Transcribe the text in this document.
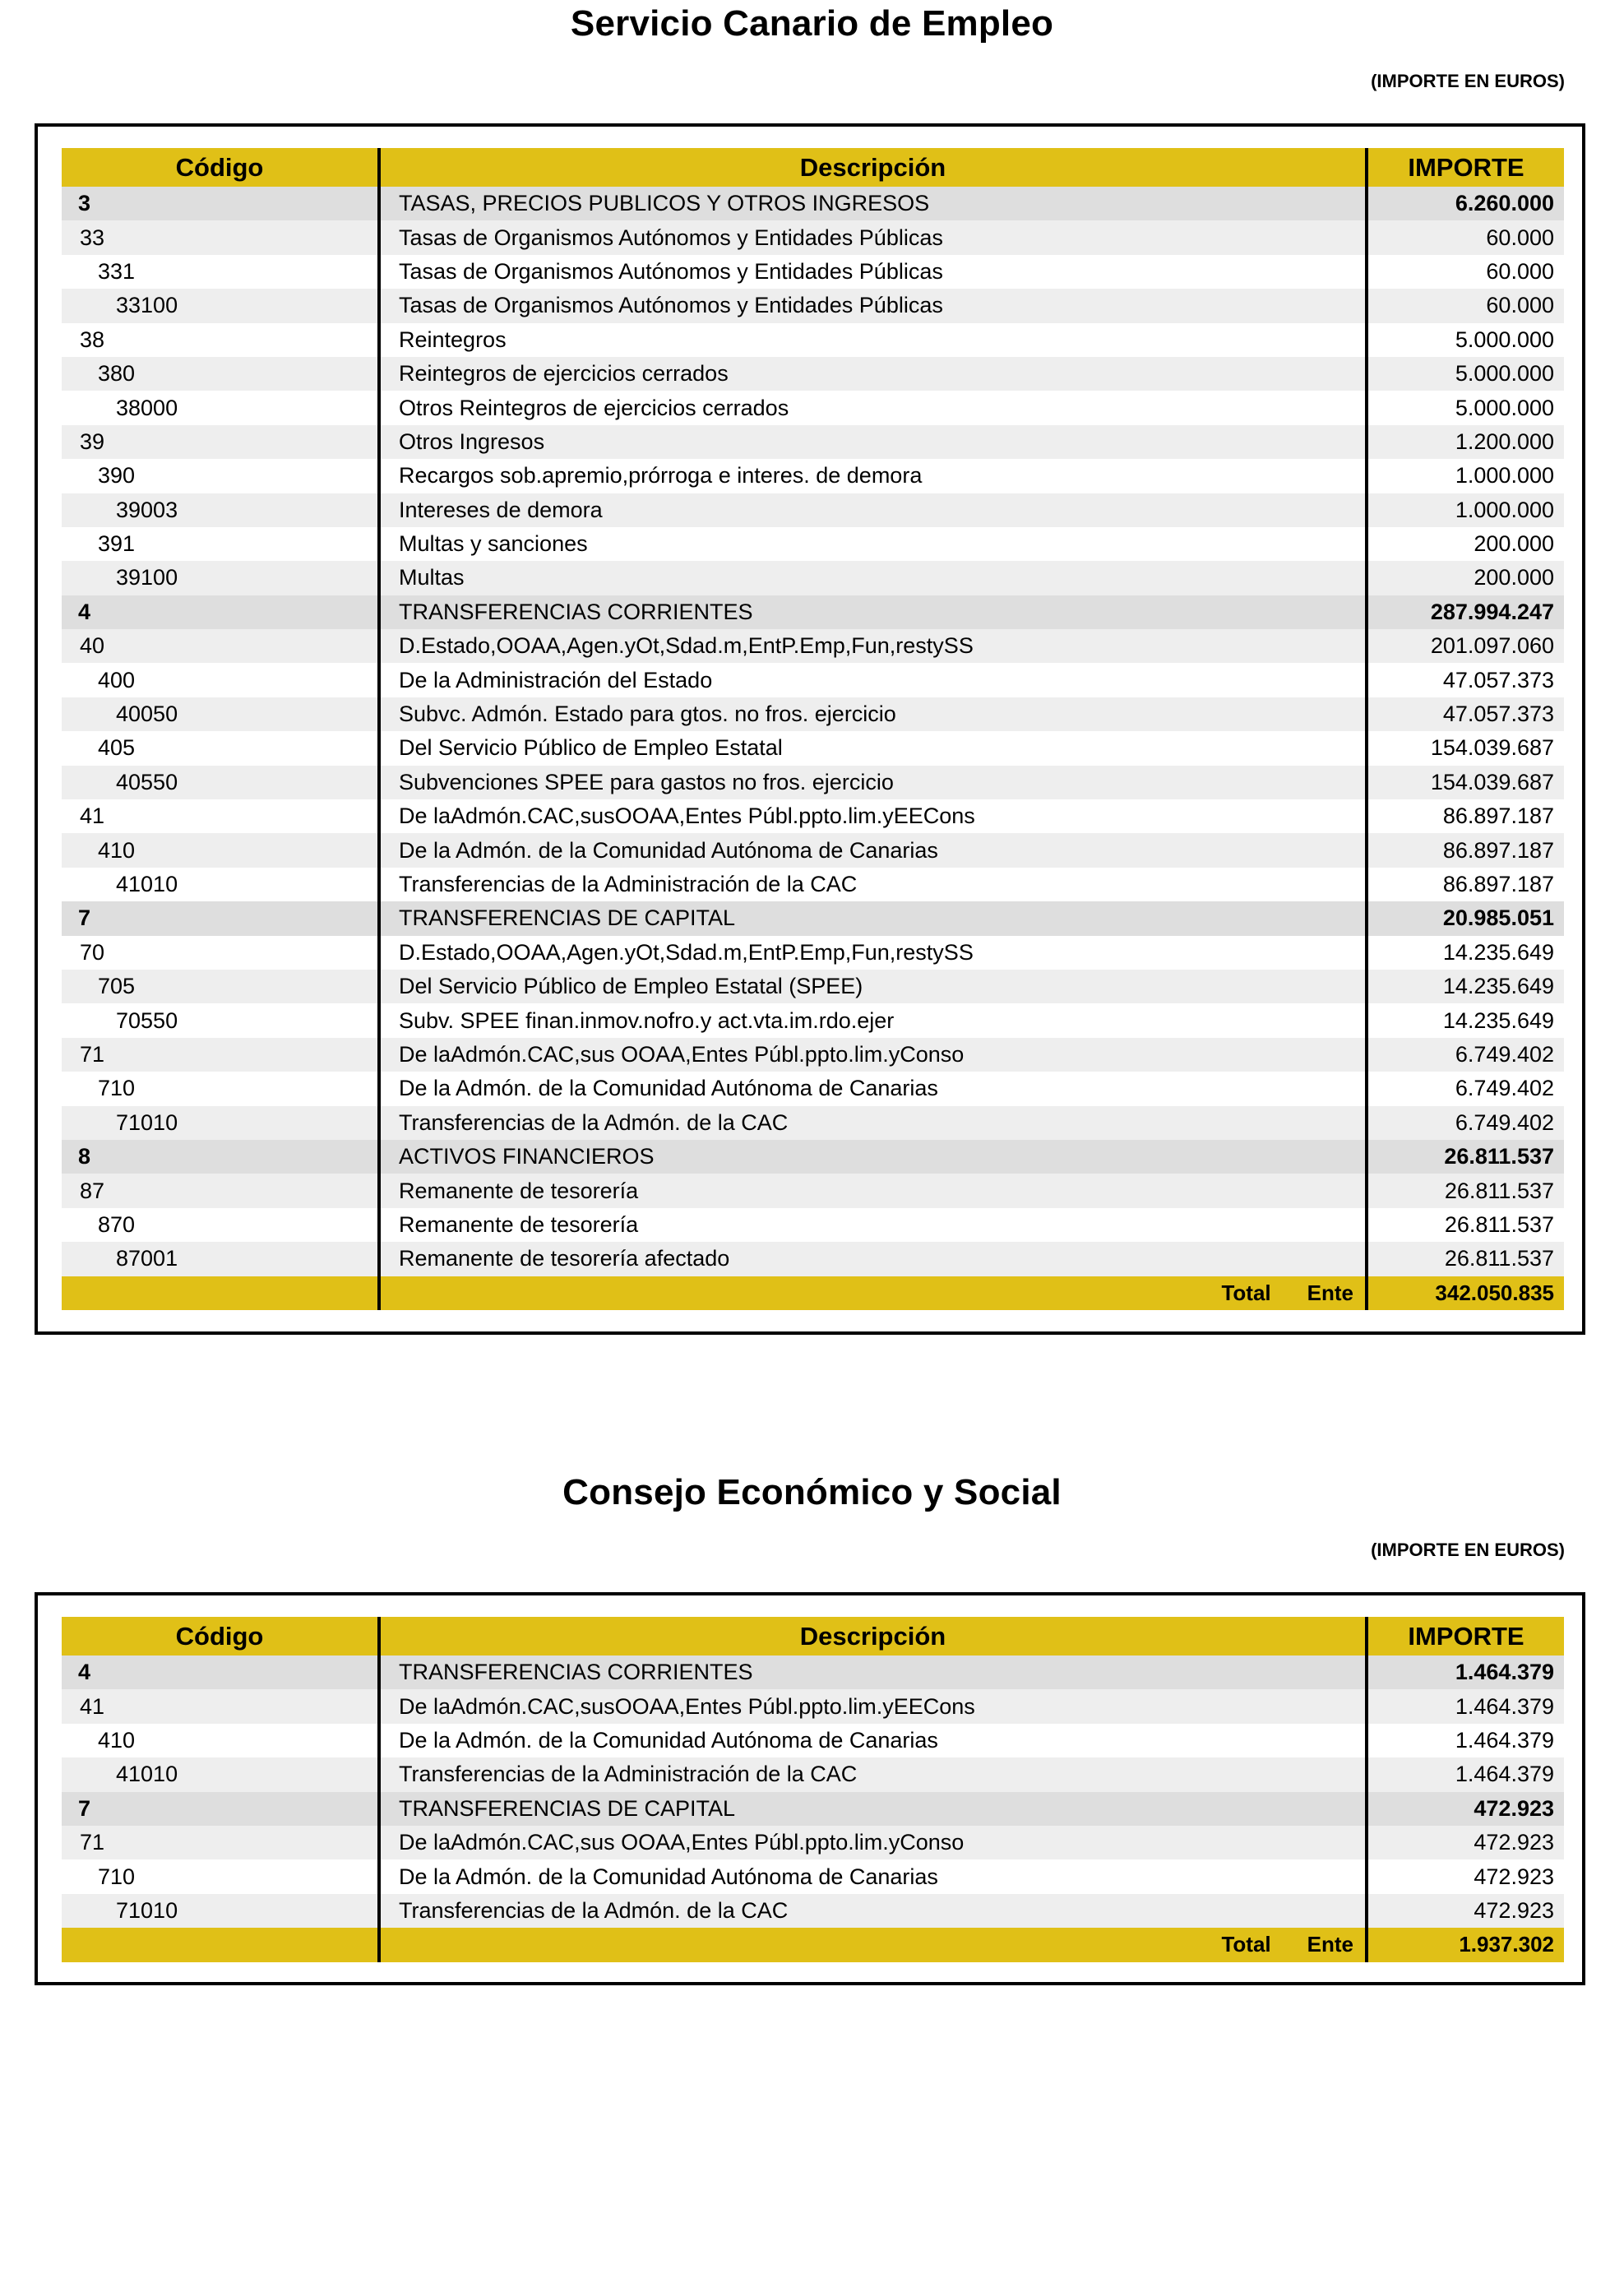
Servicio Canario de Empleo
(IMPORTE EN EUROS)
Código	Descripción	IMPORTE
3	TASAS, PRECIOS PUBLICOS Y OTROS INGRESOS	6.260.000
33	Tasas de Organismos Autónomos y Entidades Públicas	60.000
331	Tasas de Organismos Autónomos y Entidades Públicas	60.000
33100	Tasas de Organismos Autónomos y Entidades Públicas	60.000
38	Reintegros	5.000.000
380	Reintegros de ejercicios cerrados	5.000.000
38000	Otros Reintegros de ejercicios cerrados	5.000.000
39	Otros Ingresos	1.200.000
390	Recargos sob.apremio,prórroga e interes. de demora	1.000.000
39003	Intereses de demora	1.000.000
391	Multas y sanciones	200.000
39100	Multas	200.000
4	TRANSFERENCIAS CORRIENTES	287.994.247
40	D.Estado,OOAA,Agen.yOt,Sdad.m,EntP.Emp,Fun,restySS	201.097.060
400	De la Administración del Estado	47.057.373
40050	Subvc. Admón. Estado para gtos. no fros. ejercicio	47.057.373
405	Del Servicio Público de Empleo Estatal	154.039.687
40550	Subvenciones SPEE para gastos no fros. ejercicio	154.039.687
41	De laAdmón.CAC,susOOAA,Entes Públ.ppto.lim.yEECons	86.897.187
410	De la Admón. de la Comunidad Autónoma de Canarias	86.897.187
41010	Transferencias de la Administración de la CAC	86.897.187
7	TRANSFERENCIAS DE CAPITAL	20.985.051
70	D.Estado,OOAA,Agen.yOt,Sdad.m,EntP.Emp,Fun,restySS	14.235.649
705	Del Servicio Público de Empleo Estatal (SPEE)	14.235.649
70550	Subv. SPEE finan.inmov.nofro.y act.vta.im.rdo.ejer	14.235.649
71	De laAdmón.CAC,sus OOAA,Entes Públ.ppto.lim.yConso	6.749.402
710	De la Admón. de la Comunidad Autónoma de Canarias	6.749.402
71010	Transferencias de la Admón. de la CAC	6.749.402
8	ACTIVOS FINANCIEROS	26.811.537
87	Remanente de tesorería	26.811.537
870	Remanente de tesorería	26.811.537
87001	Remanente de tesorería afectado	26.811.537
Total Ente	342.050.835
Consejo Económico y Social
(IMPORTE EN EUROS)
Código	Descripción	IMPORTE
4	TRANSFERENCIAS CORRIENTES	1.464.379
41	De laAdmón.CAC,susOOAA,Entes Públ.ppto.lim.yEECons	1.464.379
410	De la Admón. de la Comunidad Autónoma de Canarias	1.464.379
41010	Transferencias de la Administración de la CAC	1.464.379
7	TRANSFERENCIAS DE CAPITAL	472.923
71	De laAdmón.CAC,sus OOAA,Entes Públ.ppto.lim.yConso	472.923
710	De la Admón. de la Comunidad Autónoma de Canarias	472.923
71010	Transferencias de la Admón. de la CAC	472.923
Total Ente	1.937.302
